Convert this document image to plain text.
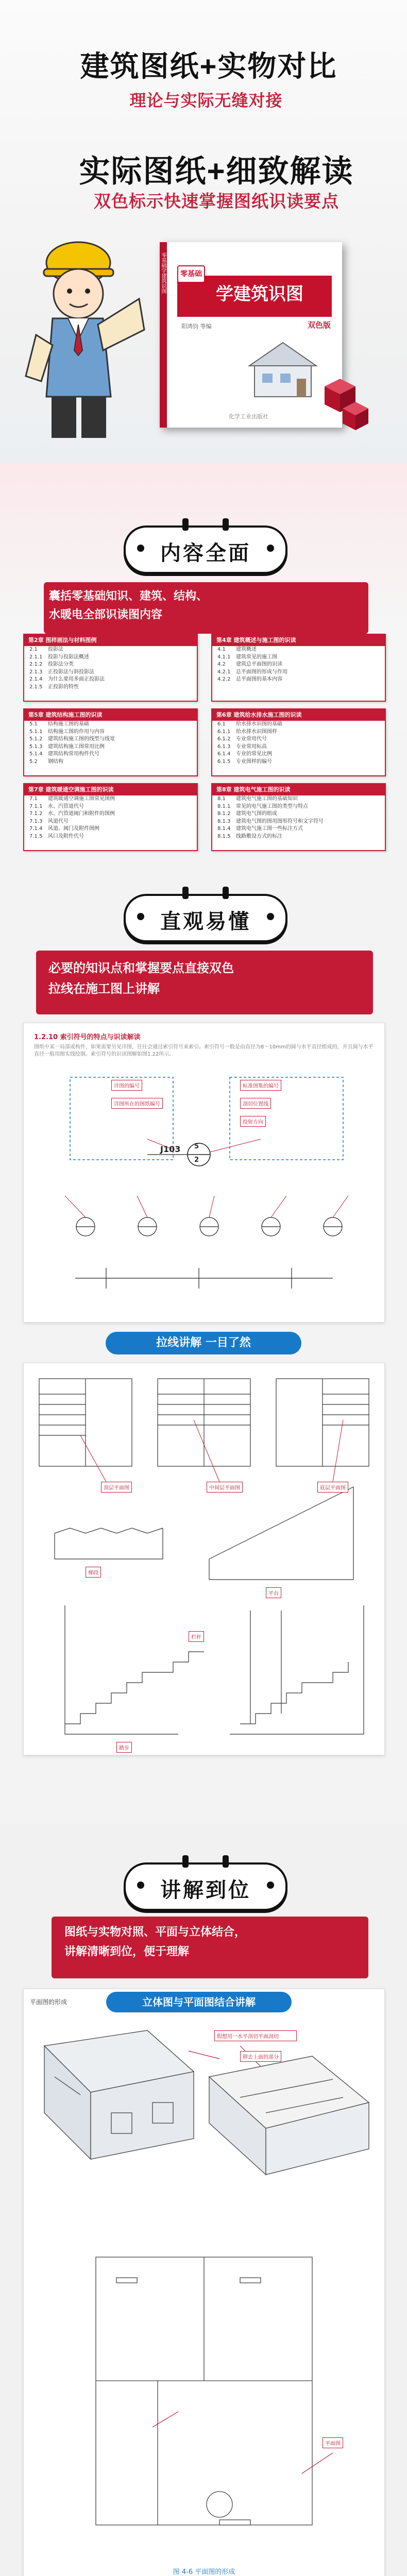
建筑图纸+实物对比
理论与实际无缝对接
实际图纸+细致解读
双色标示快速掌握图纸识读要点
零基础学建筑识图
学建筑识图
零基础
阳鸿钧 等编	双色版
化学工业出版社
内容全面
囊括零基础知识、建筑、结构、
水暖电全部识读图内容
第2章 图样画法与材料图例
2.1 投影法
2.1.1 投影与投影法概述
2.1.2 投影法分类
2.1.3 正投影法与斜投影法
2.1.4 为什么要用多面正投影法
2.1.5 正投影的特性
第4章 建筑概述与施工图的识读
4.1 建筑概述
4.1.1 建筑常见的施工图
4.2 建筑总平面图的识读
4.2.1 总平面图的形成与作用
4.2.2 总平面图的基本内容
第5章 建筑结构施工图的识读
5.1 结构施工图的基础
5.1.1 结构施工图的作用与内容
5.1.2 建筑结构施工图的线型与线宽
5.1.3 建筑结构施工图常用比例
5.1.4 建筑结构常用构件代号
5.2 钢结构
第6章 建筑给水排水施工图的识读
6.1 给水排水识图的基础
6.1.1 给水排水识图图样
6.1.2 专业常用代号
6.1.3 专业常用标高
6.1.4 专业的常见比例
6.1.5 专业图样的编号
第7章 建筑暖通空调施工图的识读
7.1 建筑暖通空调施工图常见图例
7.1.1 水、汽管道代号
7.1.2 水、汽管道阀门和附件的图例
7.1.3 风道代号
7.1.4 风道、阀门及附件图例
7.1.5 风口及附件代号
第8章 建筑电气施工图的识读
8.1 建筑电气施工图的基础知识
8.1.1 常见的电气施工图的类型与特点
8.1.2 建筑电气图的组成
8.1.3 建筑电气图的图用图形符号和文字符号
8.1.4 建筑电气施工图一些标注方式
8.1.5 线路敷设方式的标注
直观易懂
必要的知识点和掌握要点直接双色
拉线在施工图上讲解
1.2.10 索引符号的特点与识读解读
图纸中某一局部或构件，如果需要另见详图，往往会通过索引符号来索引。索引符号一般是由直径为8～10mm的圆与水平直径组成的，并且圆与水平直径一般用细实线绘制。索引符号的识读图解如图1.22所示。
详图的编号
详图所在的图纸编号
标准图集的编号
剖切位置线
投射方向
J103 5
2
拉线讲解 一目了然
顶层平面图	中间层平面图	底层平面图
梯段
平台
栏杆
踏步
讲解到位
图纸与实物对照、平面与立体结合，
讲解清晰到位，便于理解
平面图的形成	立体图与平面图结合讲解
假想用一水平剖切平面剖切
移去上面的部分
平面图
图 4-6 平面图的形成
